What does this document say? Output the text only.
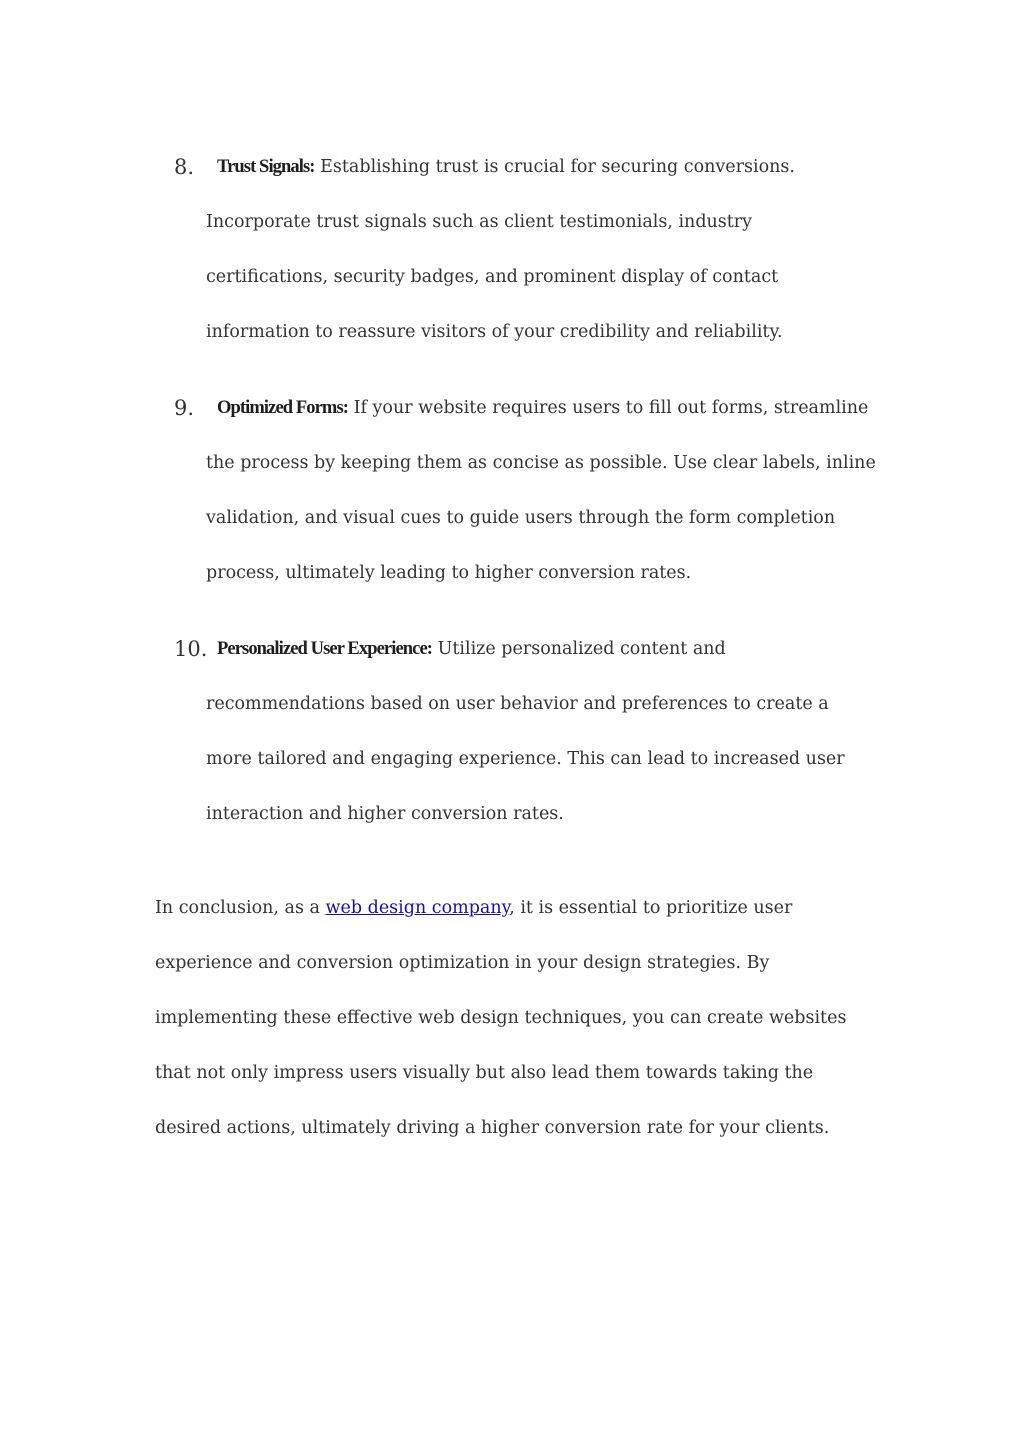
8.	Trust Signals: Establishing trust is crucial for securing conversions. Incorporate trust signals such as client testimonials, industry certifications, security badges, and prominent display of contact information to reassure visitors of your credibility and reliability.

9.	Optimized Forms: If your website requires users to fill out forms, streamline the process by keeping them as concise as possible. Use clear labels, inline validation, and visual cues to guide users through the form completion process, ultimately leading to higher conversion rates.

10. Personalized User Experience: Utilize personalized content and recommendations based on user behavior and preferences to create a more tailored and engaging experience. This can lead to increased user interaction and higher conversion rates.

In conclusion, as a web design company, it is essential to prioritize user experience and conversion optimization in your design strategies. By implementing these effective web design techniques, you can create websites that not only impress users visually but also lead them towards taking the desired actions, ultimately driving a higher conversion rate for your clients.
